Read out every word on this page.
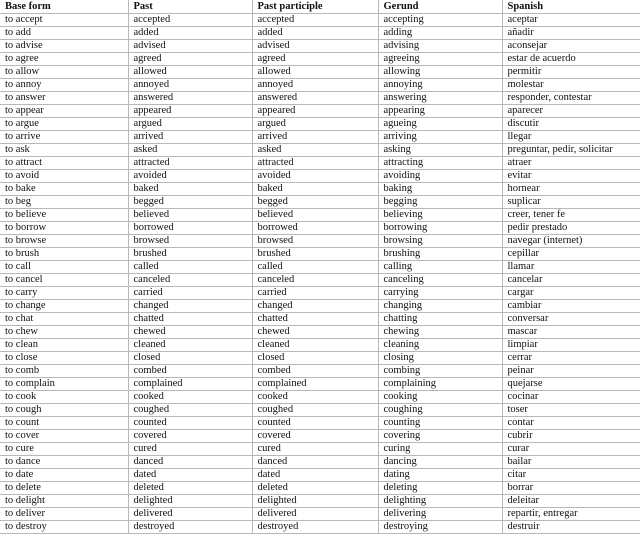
Base form	Past	Past participle	Gerund	Spanish
to accept	accepted	accepted	accepting	aceptar
to add	added	added	adding	añadir
to advise	advised	advised	advising	aconsejar
to agree	agreed	agreed	agreeing	estar de acuerdo
to allow	allowed	allowed	allowing	permitir
to annoy	annoyed	annoyed	annoying	molestar
to answer	answered	answered	answering	responder, contestar
to appear	appeared	appeared	appearing	aparecer
to argue	argued	argued	agueing	discutir
to arrive	arrived	arrived	arriving	llegar
to ask	asked	asked	asking	preguntar, pedir, solicitar
to attract	attracted	attracted	attracting	atraer
to avoid	avoided	avoided	avoiding	evitar
to bake	baked	baked	baking	hornear
to beg	begged	begged	begging	suplicar
to believe	believed	believed	believing	creer, tener fe
to borrow	borrowed	borrowed	borrowing	pedir prestado
to browse	browsed	browsed	browsing	navegar (internet)
to brush	brushed	brushed	brushing	cepillar
to call	called	called	calling	llamar
to cancel	canceled	canceled	canceling	cancelar
to carry	carried	carried	carrying	cargar
to change	changed	changed	changing	cambiar
to chat	chatted	chatted	chatting	conversar
to chew	chewed	chewed	chewing	mascar
to clean	cleaned	cleaned	cleaning	limpiar
to close	closed	closed	closing	cerrar
to comb	combed	combed	combing	peinar
to complain	complained	complained	complaining	quejarse
to cook	cooked	cooked	cooking	cocinar
to cough	coughed	coughed	coughing	toser
to count	counted	counted	counting	contar
to cover	covered	covered	covering	cubrir
to cure	cured	cured	curing	curar
to dance	danced	danced	dancing	bailar
to date	dated	dated	dating	citar
to delete	deleted	deleted	deleting	borrar
to delight	delighted	delighted	delighting	deleitar
to deliver	delivered	delivered	delivering	repartir, entregar
to destroy	destroyed	destroyed	destroying	destruir
